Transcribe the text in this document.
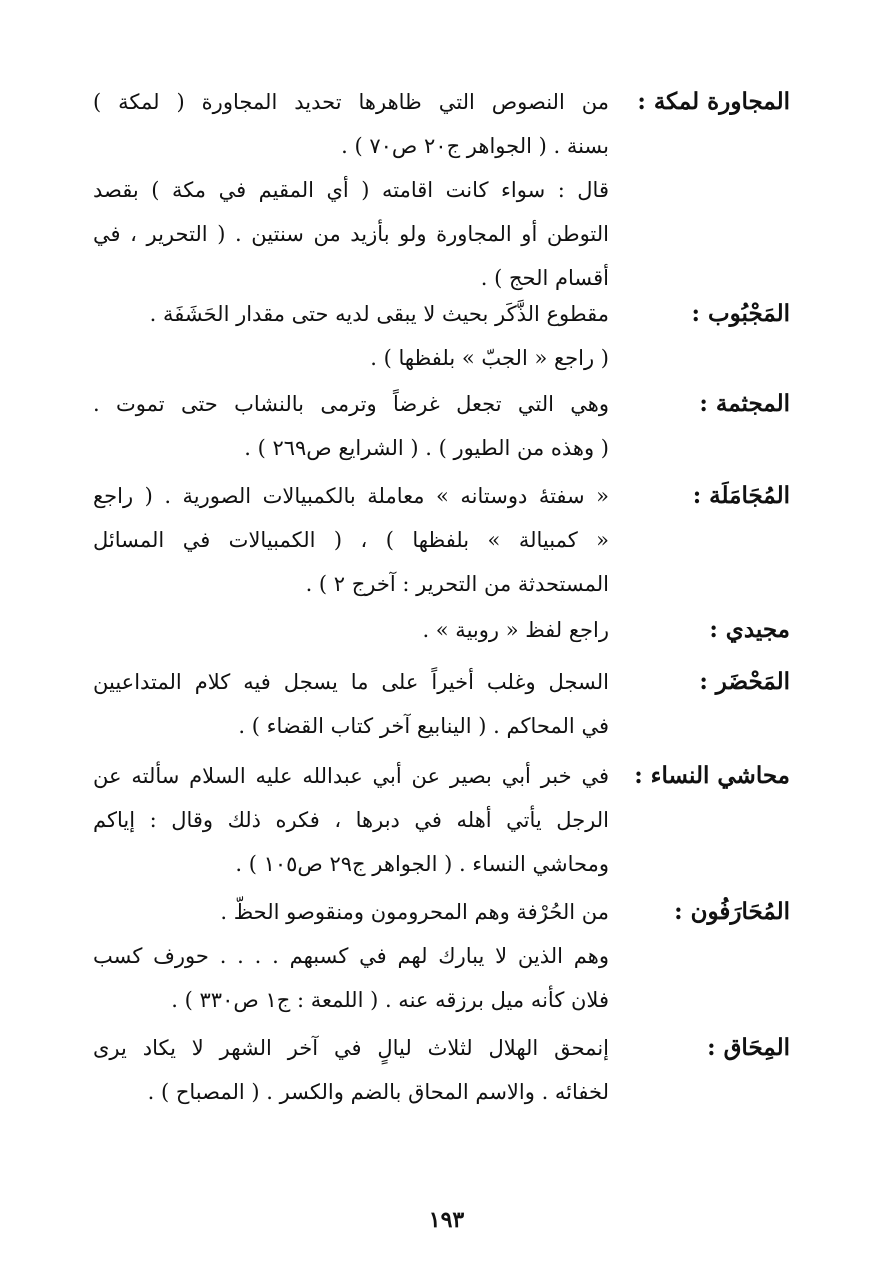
المجاورة لمكة :
من النصوص التي ظاهرها تحديد المجاورة ( لمكة )
بسنة . ( الجواهر ج٢٠ ص٧٠ ) .
قال : سواء كانت اقامته ( أي المقيم في مكة ) بقصد
التوطن أو المجاورة ولو بأزيد من سنتين . ( التحرير ، في
أقسام الحج ) .
المَجْبُوب :
مقطوع الذَّكَر بحيث لا يبقى لديه حتى مقدار الحَشَفَة .
( راجع « الجبّ » بلفظها ) .
المجثمة :
وهي التي تجعل غرضاً وترمى بالنشاب حتى تموت .
( وهذه من الطيور ) . ( الشرايع ص٢٦٩ ) .
المُجَامَلَة :
« سفتهٔ دوستانه » معاملة بالكمبيالات الصورية . ( راجع
« كمبيالة » بلفظها ) ، ( الكمبيالات في المسائل
المستحدثة من التحرير : آخرج ٢ ) .
مجيدي :
راجع لفظ « روبية » .
المَحْضَر :
السجل وغلب أخيراً على ما يسجل فيه كلام المتداعيين
في المحاكم . ( الينابيع آخر كتاب القضاء ) .
محاشي النساء :
في خبر أبي بصير عن أبي عبدالله عليه السلام سألته عن
الرجل يأتي أهله في دبرها ، فكره ذلك وقال : إياكم
ومحاشي النساء . ( الجواهر ج٢٩ ص١٠٥ ) .
المُحَارَفُون :
من الحُرْفة وهم المحرومون ومنقوصو الحظّ .
وهم الذين لا يبارك لهم في كسبهم . . . . حورف كسب
فلان كأنه ميل برزقه عنه . ( اللمعة : ج١ ص٣٣٠ ) .
المِحَاق :
إنمحق الهلال لثلاث ليالٍ في آخر الشهر لا يكاد يرى
لخفائه . والاسم المحاق بالضم والكسر . ( المصباح ) .
١٩٣
